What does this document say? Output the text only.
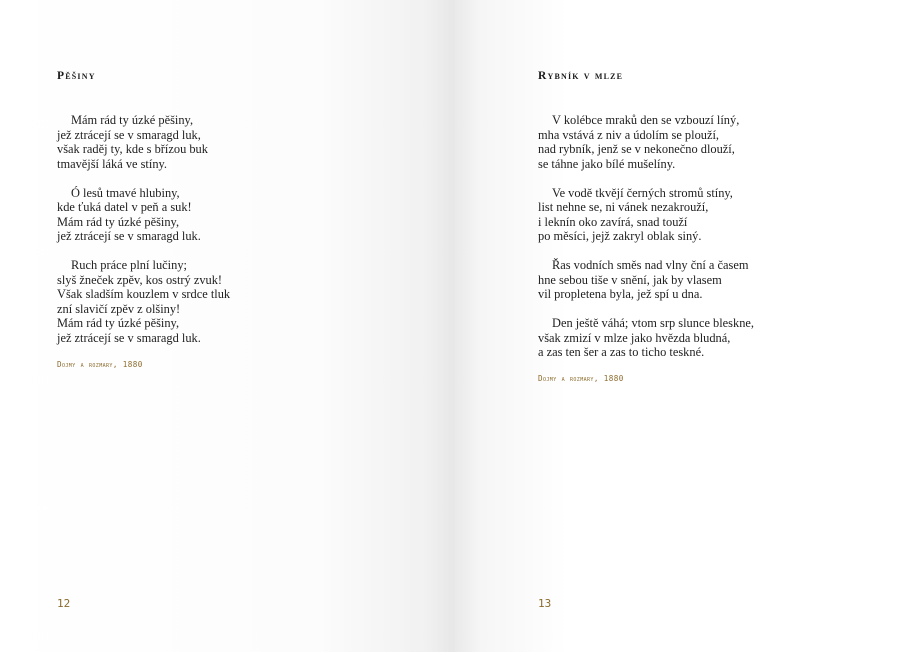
Pěšiny
Mám rád ty úzké pěšiny,
jež ztrácejí se v smaragd luk,
však raděj ty, kde s břízou buk
tmavější láká ve stíny.
Ó lesů tmavé hlubiny,
kde ťuká datel v peň a suk!
Mám rád ty úzké pěšiny,
jež ztrácejí se v smaragd luk.
Ruch práce plní lučiny;
slyš žneček zpěv, kos ostrý zvuk!
Však sladším kouzlem v srdce tluk
zní slavičí zpěv z olšiny!
Mám rád ty úzké pěšiny,
jež ztrácejí se v smaragd luk.
Dojmy a rozmary, 1880
12
Rybník v mlze
V kolébce mraků den se vzbouzí líný,
mha vstává z niv a údolím se plouží,
nad rybník, jenž se v nekonečno dlouží,
se táhne jako bílé mušelíny.
Ve vodě tkvějí černých stromů stíny,
list nehne se, ni vánek nezakrouží,
i leknín oko zavírá, snad touží
po měsíci, jejž zakryl oblak siný.
Řas vodních směs nad vlny ční a časem
hne sebou tiše v snění, jak by vlasem
vil propletena byla, jež spí u dna.
Den ještě váhá; vtom srp slunce bleskne,
však zmizí v mlze jako hvězda bludná,
a zas ten šer a zas to ticho teskné.
Dojmy a rozmary, 1880
13
